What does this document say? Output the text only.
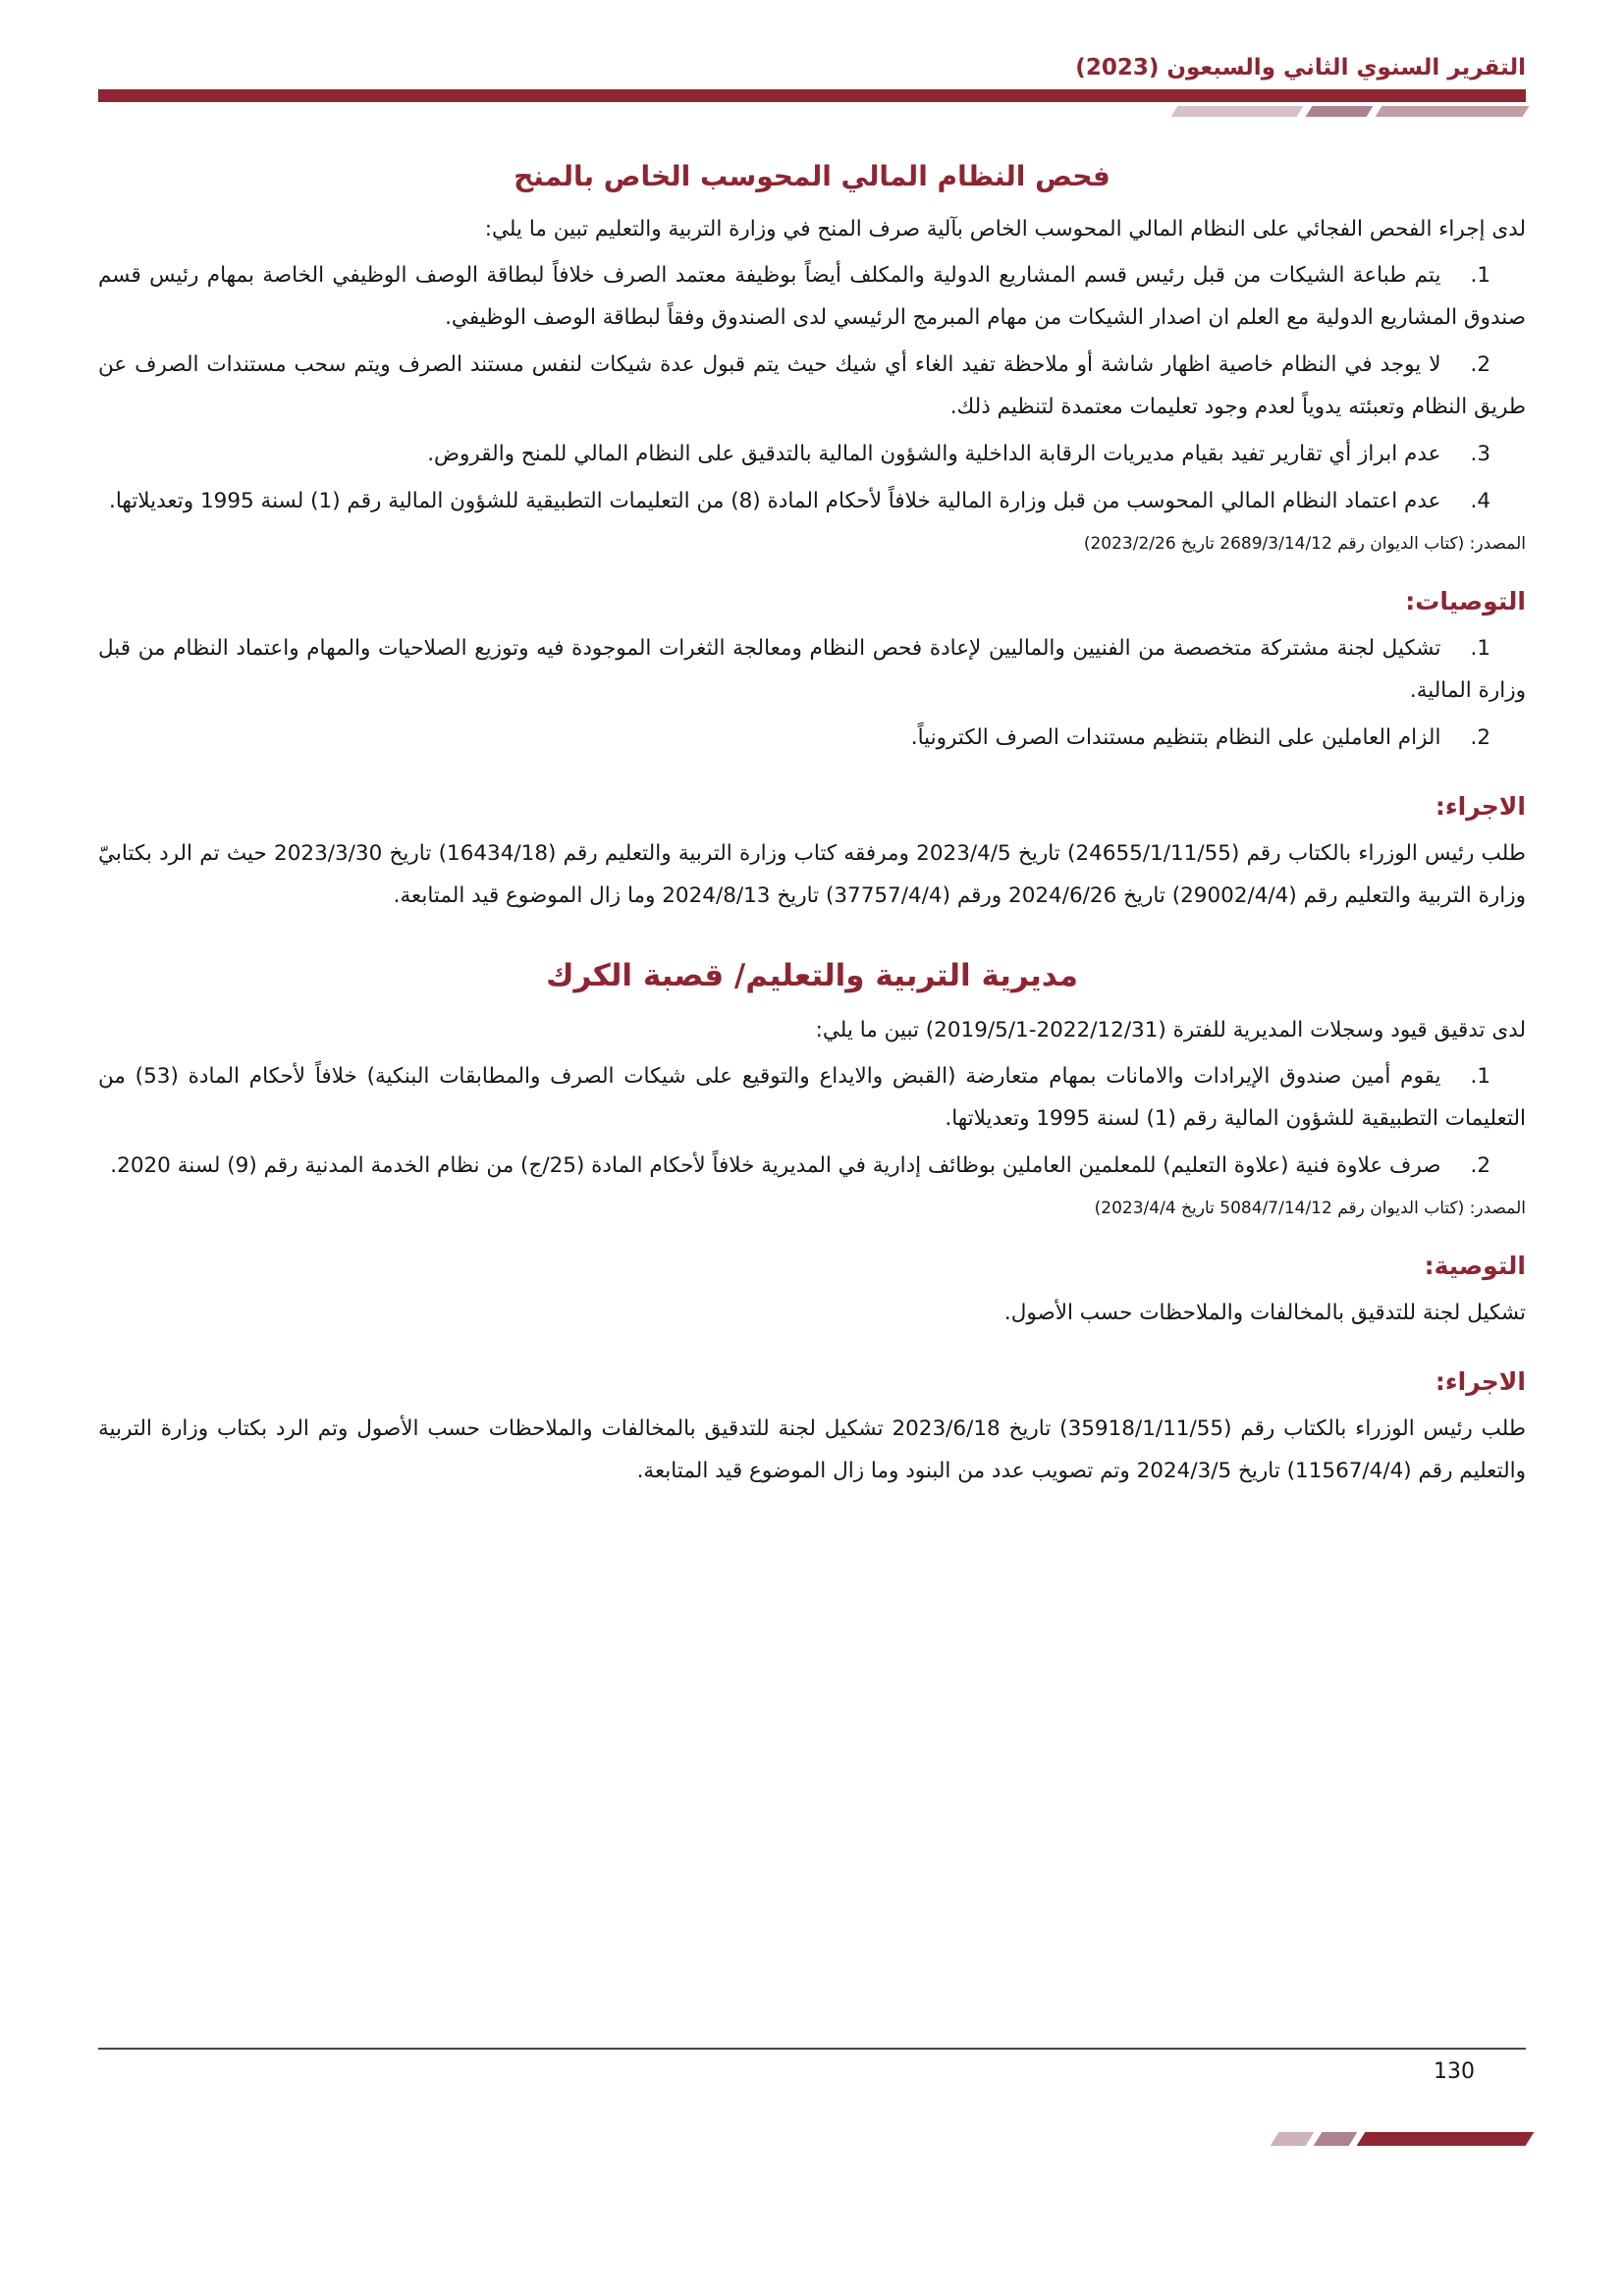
التقرير السنوي الثاني والسبعون (2023)
فحص النظام المالي المحوسب الخاص بالمنح

لدى إجراء الفحص الفجائي على النظام المالي المحوسب الخاص بآلية صرف المنح في وزارة التربية والتعليم تبين ما يلي:

1.يتم طباعة الشيكات من قبل رئيس قسم المشاريع الدولية والمكلف أيضاً بوظيفة معتمد الصرف خلافاً لبطاقة الوصف الوظيفي الخاصة بمهام رئيس قسم صندوق المشاريع الدولية مع العلم ان اصدار الشيكات من مهام المبرمج الرئيسي لدى الصندوق وفقاً لبطاقة الوصف الوظيفي.

2.لا يوجد في النظام خاصية اظهار شاشة أو ملاحظة تفيد الغاء أي شيك حيث يتم قبول عدة شيكات لنفس مستند الصرف ويتم سحب مستندات الصرف عن طريق النظام وتعبئته يدوياً لعدم وجود تعليمات معتمدة لتنظيم ذلك.

3.عدم ابراز أي تقارير تفيد بقيام مديريات الرقابة الداخلية والشؤون المالية بالتدقيق على النظام المالي للمنح والقروض.

4.عدم اعتماد النظام المالي المحوسب من قبل وزارة المالية خلافاً لأحكام المادة (8) من التعليمات التطبيقية للشؤون المالية رقم (1) لسنة 1995 وتعديلاتها.

المصدر: (كتاب الديوان رقم 2689/3/14/12 تاريخ 2023/2/26)

التوصيات:

1.تشكيل لجنة مشتركة متخصصة من الفنيين والماليين لإعادة فحص النظام ومعالجة الثغرات الموجودة فيه وتوزيع الصلاحيات والمهام واعتماد النظام من قبل وزارة المالية.

2.الزام العاملين على النظام بتنظيم مستندات الصرف الكترونياً.

الاجراء:

طلب رئيس الوزراء بالكتاب رقم (24655/1/11/55) تاريخ 2023/4/5 ومرفقه كتاب وزارة التربية والتعليم رقم (16434/18) تاريخ 2023/3/30 حيث تم الرد بكتابيّ وزارة التربية والتعليم رقم (29002/4/4) تاريخ 2024/6/26 ورقم (37757/4/4) تاريخ 2024/8/13 وما زال الموضوع قيد المتابعة.

مديرية التربية والتعليم/ قصبة الكرك

لدى تدقيق قيود وسجلات المديرية للفترة (2022/12/31-2019/5/1) تبين ما يلي:

1.يقوم أمين صندوق الإيرادات والامانات بمهام متعارضة (القبض والايداع والتوقيع على شيكات الصرف والمطابقات البنكية) خلافاً لأحكام المادة (53) من التعليمات التطبيقية للشؤون المالية رقم (1) لسنة 1995 وتعديلاتها.

2.صرف علاوة فنية (علاوة التعليم) للمعلمين العاملين بوظائف إدارية في المديرية خلافاً لأحكام المادة (25/ج) من نظام الخدمة المدنية رقم (9) لسنة 2020.

المصدر: (كتاب الديوان رقم 5084/7/14/12 تاريخ 2023/4/4)

التوصية:

تشكيل لجنة للتدقيق بالمخالفات والملاحظات حسب الأصول.

الاجراء:

طلب رئيس الوزراء بالكتاب رقم (35918/1/11/55) تاريخ 2023/6/18 تشكيل لجنة للتدقيق بالمخالفات والملاحظات حسب الأصول وتم الرد بكتاب وزارة التربية والتعليم رقم (11567/4/4) تاريخ 2024/3/5 وتم تصويب عدد من البنود وما زال الموضوع قيد المتابعة.

130
